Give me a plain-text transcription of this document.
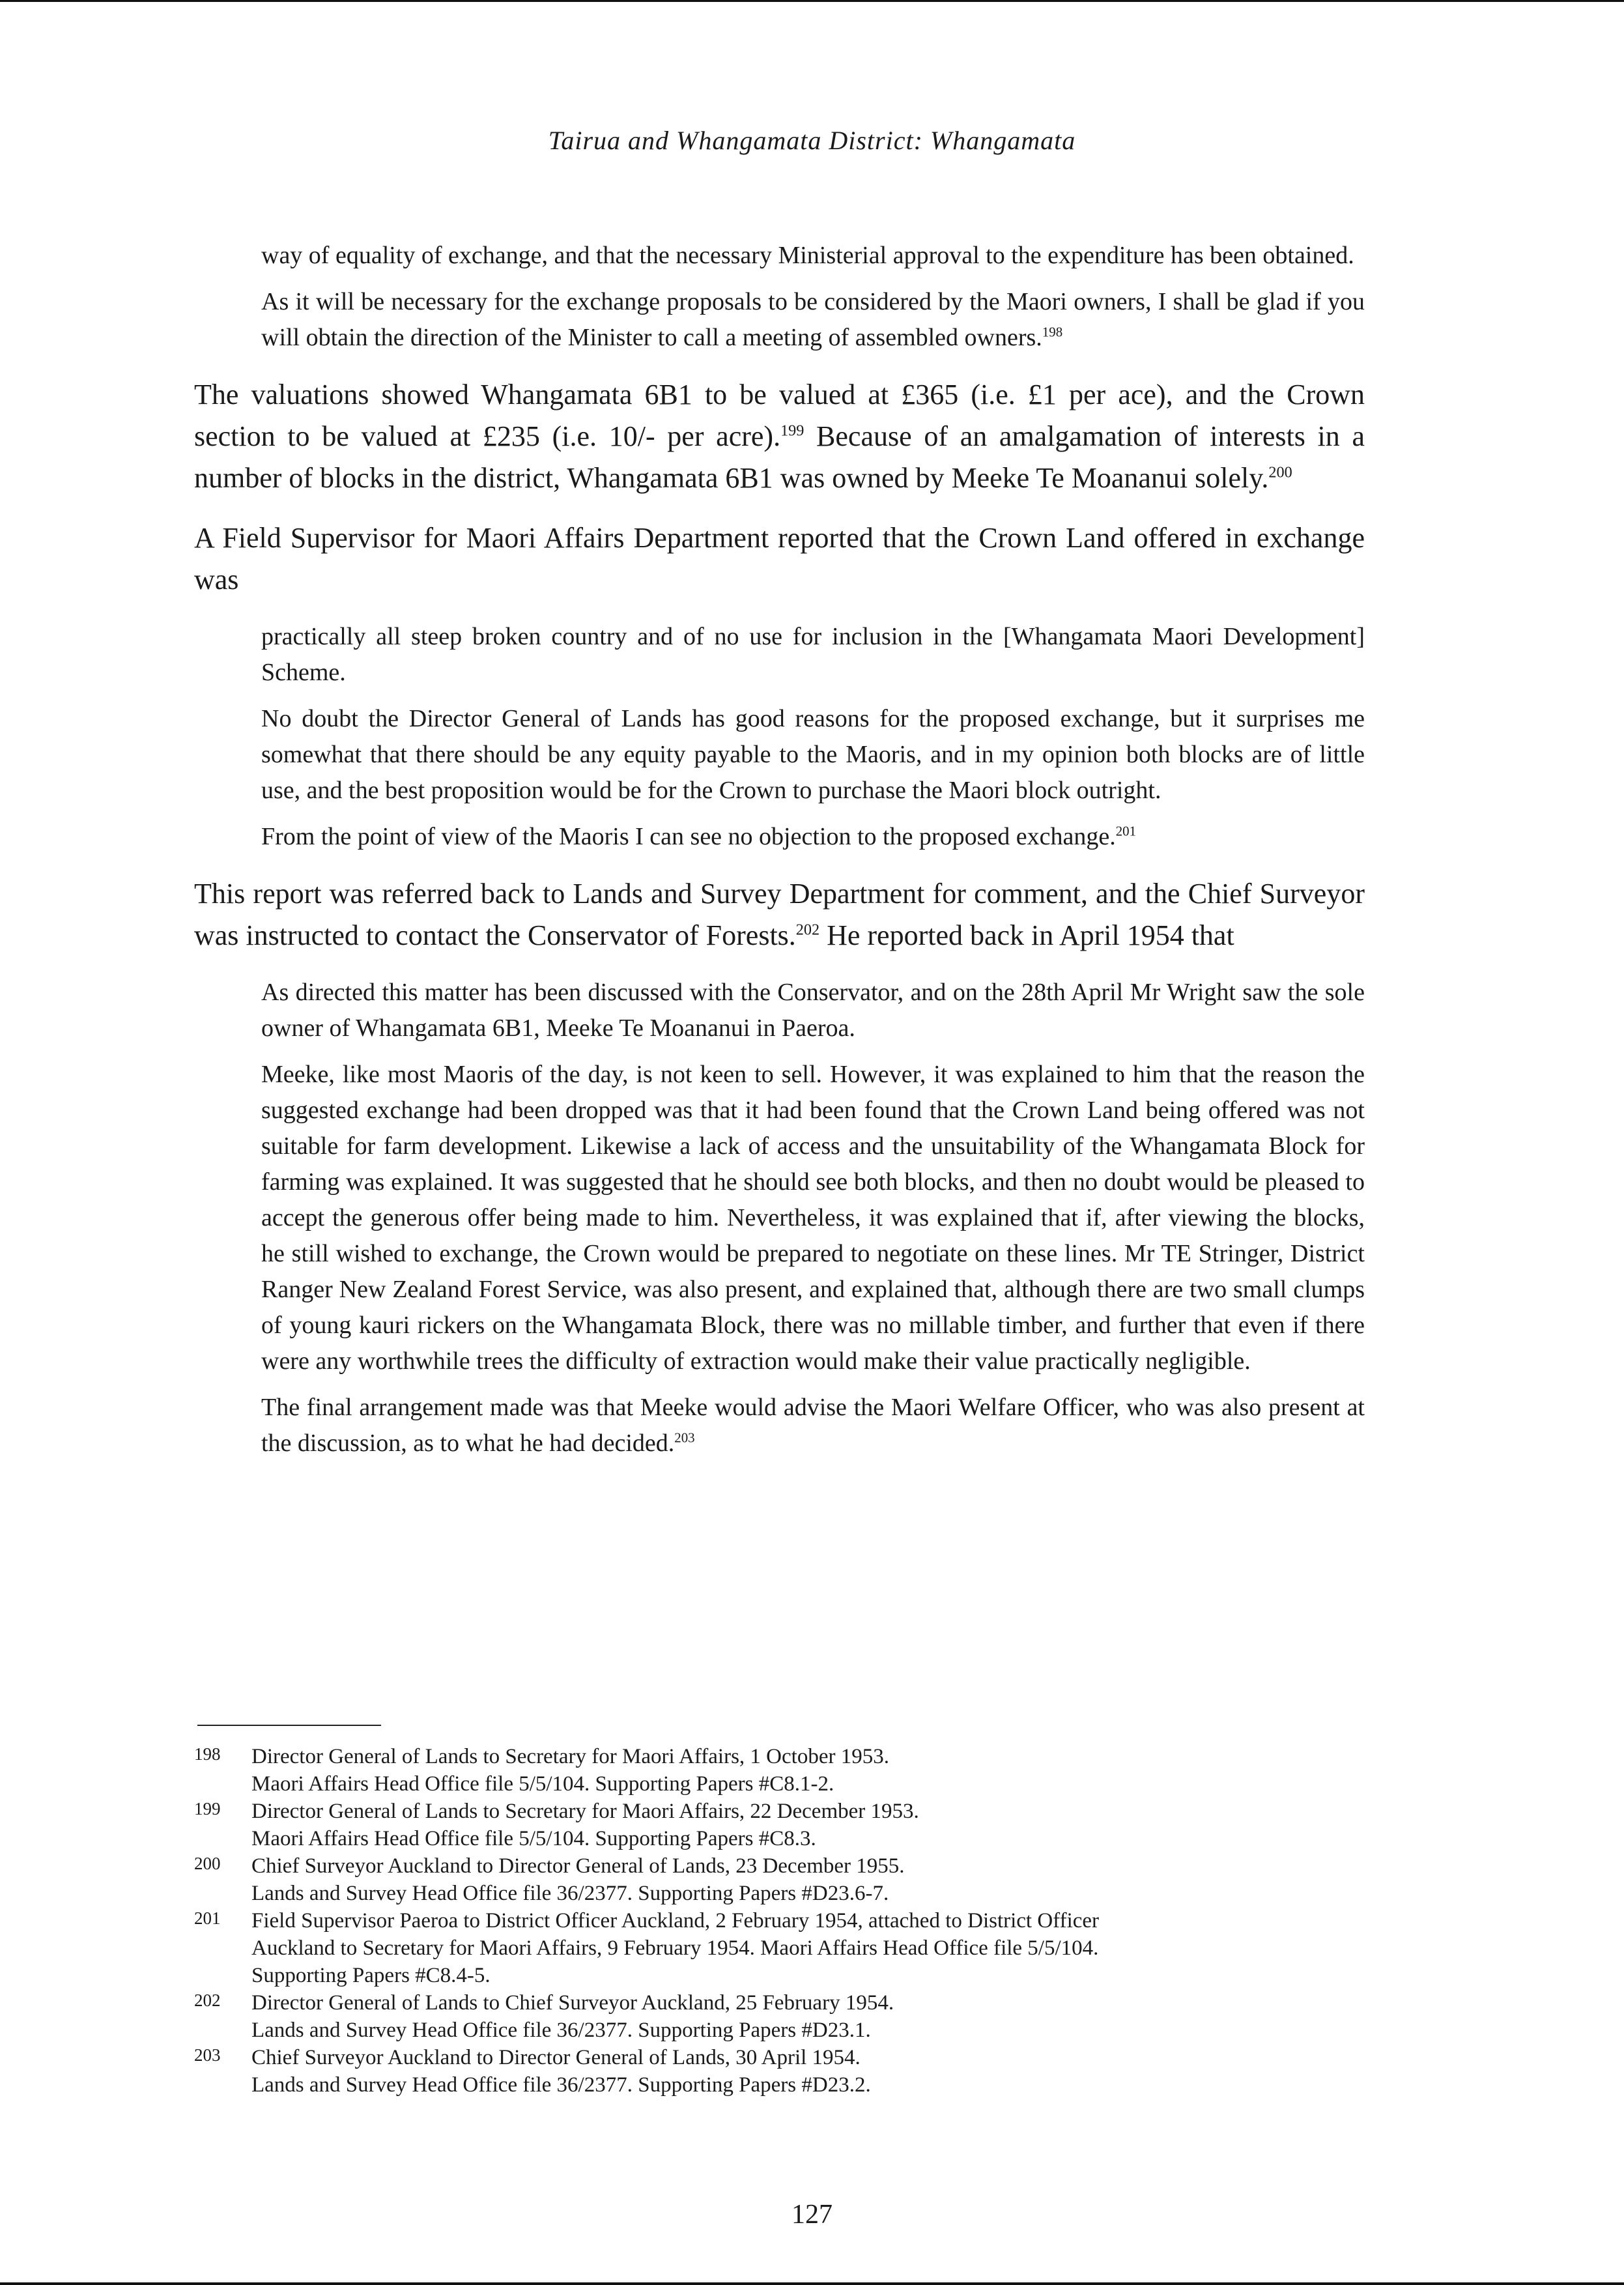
Tairua and Whangamata District: Whangamata

way of equality of exchange, and that the necessary Ministerial approval to the expenditure has been obtained.

As it will be necessary for the exchange proposals to be considered by the Maori owners, I shall be glad if you will obtain the direction of the Minister to call a meeting of assembled owners.$^{198}$

The valuations showed Whangamata 6B1 to be valued at £365 (i.e. £1 per ace), and the Crown section to be valued at £235 (i.e. 10/- per acre).$^{199}$ Because of an amalgamation of interests in a number of blocks in the district, Whangamata 6B1 was owned by Meeke Te Moananui solely.$^{200}$

A Field Supervisor for Maori Affairs Department reported that the Crown Land offered in exchange was

practically all steep broken country and of no use for inclusion in the [Whangamata Maori Development] Scheme.

No doubt the Director General of Lands has good reasons for the proposed exchange, but it surprises me somewhat that there should be any equity payable to the Maoris, and in my opinion both blocks are of little use, and the best proposition would be for the Crown to purchase the Maori block outright.

From the point of view of the Maoris I can see no objection to the proposed exchange.$^{201}$

This report was referred back to Lands and Survey Department for comment, and the Chief Surveyor was instructed to contact the Conservator of Forests.$^{202}$ He reported back in April 1954 that

As directed this matter has been discussed with the Conservator, and on the 28th April Mr Wright saw the sole owner of Whangamata 6B1, Meeke Te Moananui in Paeroa.

Meeke, like most Maoris of the day, is not keen to sell. However, it was explained to him that the reason the suggested exchange had been dropped was that it had been found that the Crown Land being offered was not suitable for farm development. Likewise a lack of access and the unsuitability of the Whangamata Block for farming was explained. It was suggested that he should see both blocks, and then no doubt would be pleased to accept the generous offer being made to him. Nevertheless, it was explained that if, after viewing the blocks, he still wished to exchange, the Crown would be prepared to negotiate on these lines. Mr TE Stringer, District Ranger New Zealand Forest Service, was also present, and explained that, although there are two small clumps of young kauri rickers on the Whangamata Block, there was no millable timber, and further that even if there were any worthwhile trees the difficulty of extraction would make their value practically negligible.

The final arrangement made was that Meeke would advise the Maori Welfare Officer, who was also present at the discussion, as to what he had decided.$^{203}$

198	Director General of Lands to Secretary for Maori Affairs, 1 October 1953.
Maori Affairs Head Office file 5/5/104. Supporting Papers #C8.1-2.
199	Director General of Lands to Secretary for Maori Affairs, 22 December 1953.
Maori Affairs Head Office file 5/5/104. Supporting Papers #C8.3.
200	Chief Surveyor Auckland to Director General of Lands, 23 December 1955.
Lands and Survey Head Office file 36/2377. Supporting Papers #D23.6-7.
201	Field Supervisor Paeroa to District Officer Auckland, 2 February 1954, attached to District Officer
Auckland to Secretary for Maori Affairs, 9 February 1954. Maori Affairs Head Office file 5/5/104.
Supporting Papers #C8.4-5.
202	Director General of Lands to Chief Surveyor Auckland, 25 February 1954.
Lands and Survey Head Office file 36/2377. Supporting Papers #D23.1.
203	Chief Surveyor Auckland to Director General of Lands, 30 April 1954.
Lands and Survey Head Office file 36/2377. Supporting Papers #D23.2.
127
